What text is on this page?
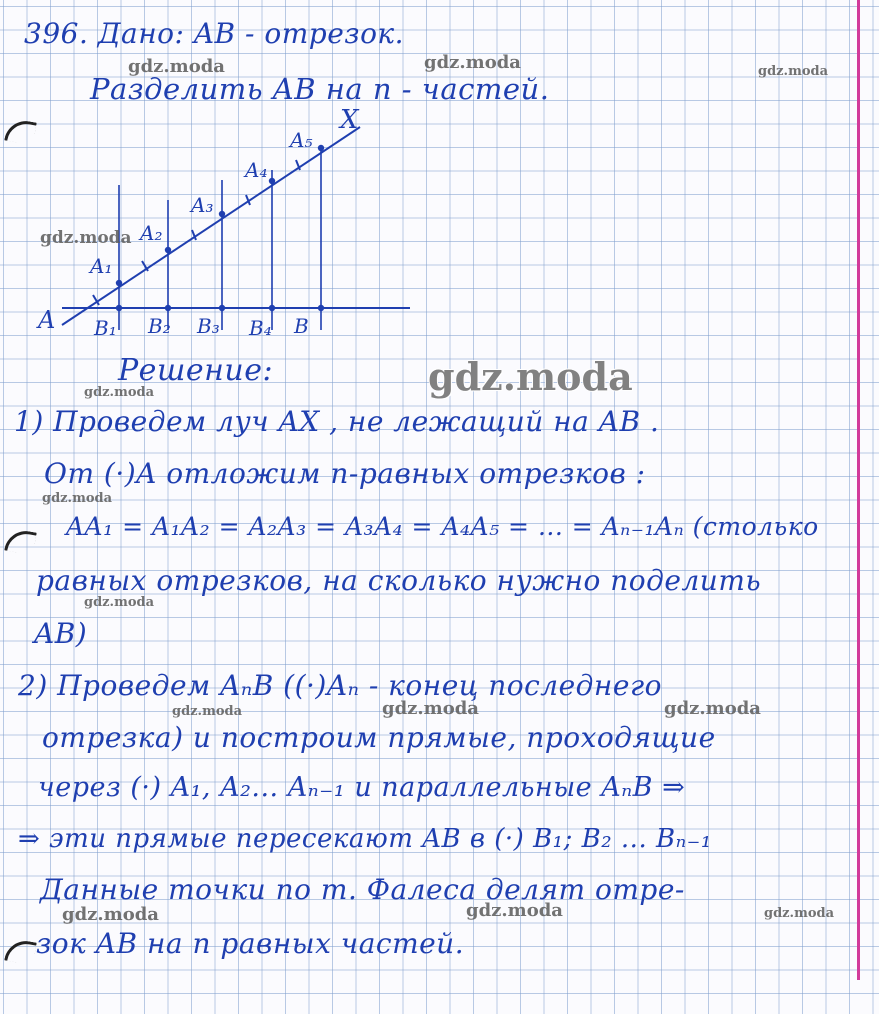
X
A
A₁
A₂
A₃
A₄
A₅
B₁ B₂ B₃ B₄ B
396. Дано: AB - отрезок.
Разделить AB на n - частей.
Решение:
1) Проведем луч AX , не лежащий на AB .
От (·)A отложим n-равных отрезков :
AA₁ = A₁A₂ = A₂A₃ = A₃A₄ = A₄A₅ = ... = Aₙ₋₁Aₙ (столько
равных отрезков, на сколько нужно поделить
AB)
2) Проведем AₙB ((·)Aₙ - конец последнего
отрезка) и построим прямые, проходящие
через (·) A₁, A₂... Aₙ₋₁ и параллельные AₙB ⇒
⇒ эти прямые пересекают AB в (·) B₁; B₂ ... Bₙ₋₁
Данные точки по т. Фалеса делят отре-
зок AB на n равных частей.
gdz.moda	gdz.moda	gdz.moda
gdz.moda
gdz.moda
gdz.moda
gdz.moda
gdz.moda
gdz.moda	gdz.moda	gdz.moda
gdz.moda	gdz.moda	gdz.moda
